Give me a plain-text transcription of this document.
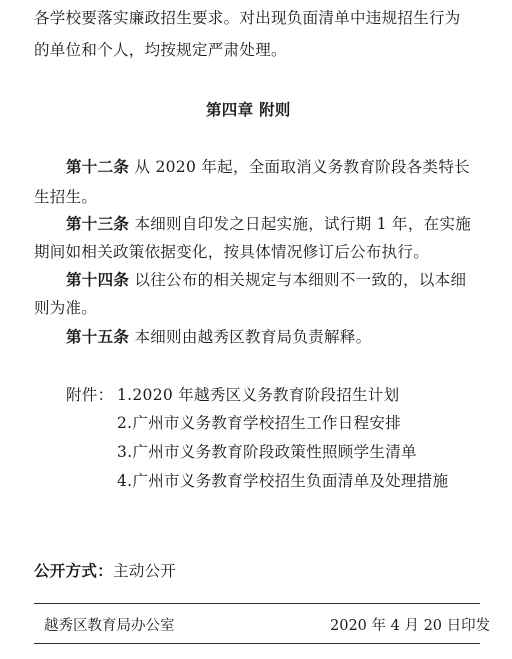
各学校要落实廉政招生要求。对出现负面清单中违规招生行为
的单位和个人，均按规定严肃处理。
第四章 附则
第十二条 从 2020 年起，全面取消义务教育阶段各类特长
生招生。
第十三条 本细则自印发之日起实施，试行期 1 年，在实施
期间如相关政策依据变化，按具体情况修订后公布执行。
第十四条 以往公布的相关规定与本细则不一致的，以本细
则为准。
第十五条 本细则由越秀区教育局负责解释。
附件： 1.2020 年越秀区义务教育阶段招生计划
2.广州市义务教育学校招生工作日程安排
3.广州市义务教育阶段政策性照顾学生清单
4.广州市义务教育学校招生负面清单及处理措施
公开方式：主动公开
越秀区教育局办公室	2020 年 4 月 20 日印发
